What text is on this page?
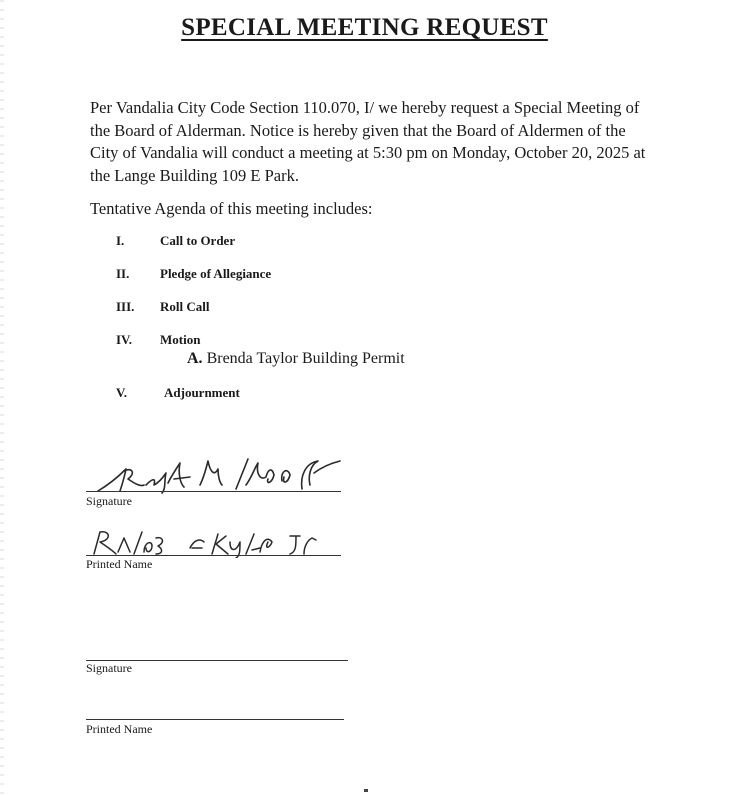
SPECIAL MEETING REQUEST
Per Vandalia City Code Section 110.070, I/ we hereby request a Special Meeting of the Board of Alderman. Notice is hereby given that the Board of Aldermen of the City of Vandalia will conduct a meeting at 5:30 pm on Monday, October 20, 2025 at the Lange Building 109 E Park.
Tentative Agenda of this meeting includes:
I.	Call to Order
II. Pledge of Allegiance
III. Roll Call
IV. Motion
A. Brenda Taylor Building Permit
V.	Adjournment
Signature
Printed Name
Signature
Printed Name
